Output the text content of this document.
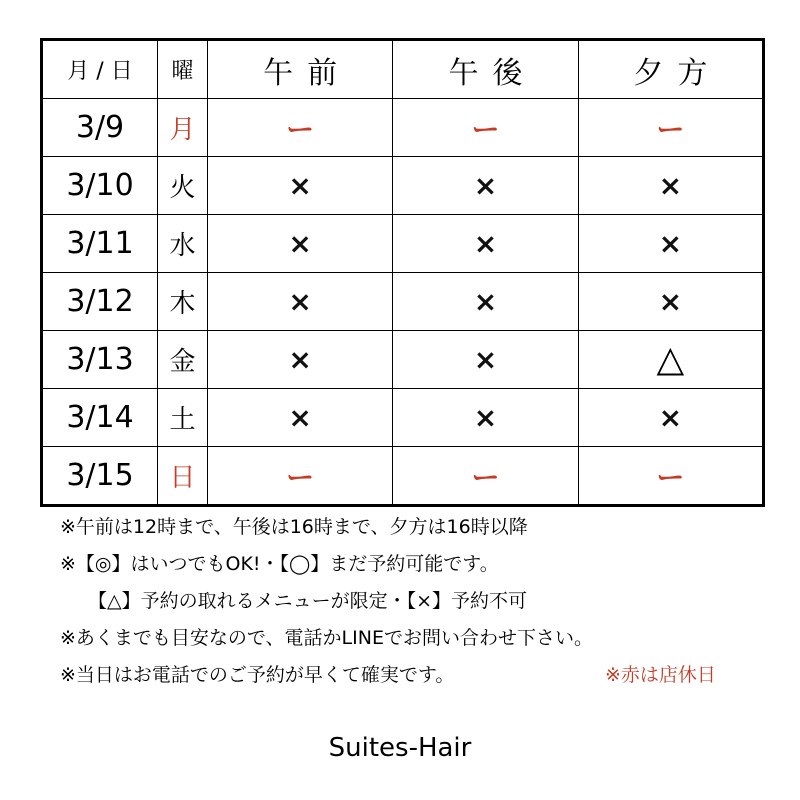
月 / 日	曜	午前	午後	夕方
3/9	月	ー	ー	ー
3/10	火	×	×	×
3/11	水	×	×	×
3/12	木	×	×	×
3/13	金	×	×	△
3/14	土	×	×	×
3/15	日	ー	ー	ー
※午前は12時まで、午後は16時まで、夕方は16時以降
※【◎】はいつでもOK!・【◯】まだ予約可能です。
【△】予約の取れるメニューが限定・【×】予約不可
※あくまでも目安なので、電話かLINEでお問い合わせ下さい。
※当日はお電話でのご予約が早くて確実です。	※赤は店休日
Suites-Hair
